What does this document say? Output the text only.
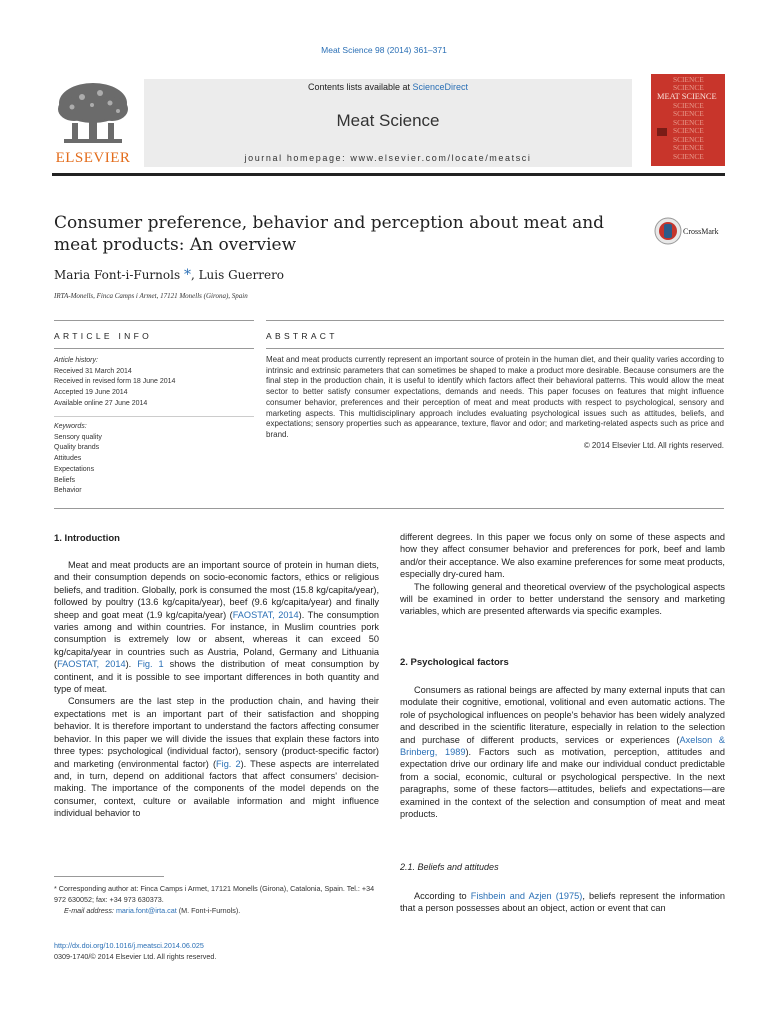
Meat Science 98 (2014) 361–371
ELSEVIER
Contents lists available at ScienceDirect
Meat Science
journal homepage: www.elsevier.com/locate/meatsci
SCIENCE
SCIENCE
MEAT SCIENCE
SCIENCE
SCIENCE
SCIENCE
SCIENCE
SCIENCE
SCIENCE
SCIENCE
Consumer preference, behavior and perception about meat and meat products: An overview
CrossMark
Maria Font-i-Furnols *, Luis Guerrero
IRTA-Monells, Finca Camps i Armet, 17121 Monells (Girona), Spain
ARTICLE INFO	ABSTRACT
Article history:
Received 31 March 2014
Received in revised form 18 June 2014
Accepted 19 June 2014
Available online 27 June 2014
Keywords:
Sensory quality
Quality brands
Attitudes
Expectations
Beliefs
Behavior
Meat and meat products currently represent an important source of protein in the human diet, and their quality varies according to intrinsic and extrinsic parameters that can sometimes be shaped to make a product more desirable. Because consumers are the final step in the production chain, it is useful to identify which factors affect their behavioral patterns. This would allow the meat sector to better satisfy consumer expectations, demands and needs. This paper focuses on features that might influence consumer behavior, preferences and their perception of meat and meat products with respect to psychological, sensory and marketing aspects. This multidisciplinary approach includes evaluating psychological issues such as attitudes, beliefs, and expectations; sensory properties such as appearance, texture, flavor and odor; and marketing-related aspects such as price and brand.
© 2014 Elsevier Ltd. All rights reserved.
1. Introduction

Meat and meat products are an important source of protein in human diets, and their consumption depends on socio-economic factors, ethics or religious beliefs, and tradition. Globally, pork is consumed the most (15.8 kg/capita/year), followed by poultry (13.6 kg/capita/year), beef (9.6 kg/capita/year) and finally sheep and goat meat (1.9 kg/capita/year) (FAOSTAT, 2014). The consumption varies among and within countries. For instance, in Muslim countries pork consumption is extremely low or absent, whereas it can exceed 50 kg/capita/year in countries such as Austria, Poland, Germany and Lithuania (FAOSTAT, 2014). Fig. 1 shows the distribution of meat consumption by continent, and it is possible to see important differences in both quantity and type of meat.

Consumers are the last step in the production chain, and having their expectations met is an important part of their satisfaction and shopping behavior. It is therefore important to understand the factors affecting consumer behavior. In this paper we will divide the issues that explain these factors into three types: psychological (individual factor), sensory (product-specific factor) and marketing (environmental factor) (Fig. 2). These aspects are interrelated and, in turn, depend on additional factors that affect consumers' decision-making. The importance of the components of the model depends on the consumer, context, culture or available information and might influence individual behavior to

different degrees. In this paper we focus only on some of these aspects and how they affect consumer behavior and preferences for pork, beef and lamb and/or their acceptance. We also examine preferences for some meat products, especially dry-cured ham.

The following general and theoretical overview of the psychological aspects will be examined in order to better understand the sensory and marketing variables, which are presented afterwards via specific examples.

2. Psychological factors

Consumers as rational beings are affected by many external inputs that can modulate their cognitive, emotional, volitional and even automatic actions. The role of psychological influences on people's behavior has been widely analyzed and described in the scientific literature, especially in relation to the selection and purchase of different products, services or experiences (Axelson & Brinberg, 1989). Factors such as motivation, perception, attitudes and expectation drive our ordinary life and make our individual conduct predictable from a social, economic, cultural or psychological perspective. In the next paragraphs, some of these factors—attitudes, beliefs and expectations—are examined in the context of the selection and consumption of meat and meat products.

2.1. Beliefs and attitudes

According to Fishbein and Azjen (1975), beliefs represent the information that a person possesses about an object, action or event that can

* Corresponding author at: Finca Camps i Armet, 17121 Monells (Girona), Catalonia, Spain. Tel.: +34 972 630052; fax: +34 973 630373.
E-mail address: maria.font@irta.cat (M. Font-i-Furnols).
http://dx.doi.org/10.1016/j.meatsci.2014.06.025
0309-1740/© 2014 Elsevier Ltd. All rights reserved.
